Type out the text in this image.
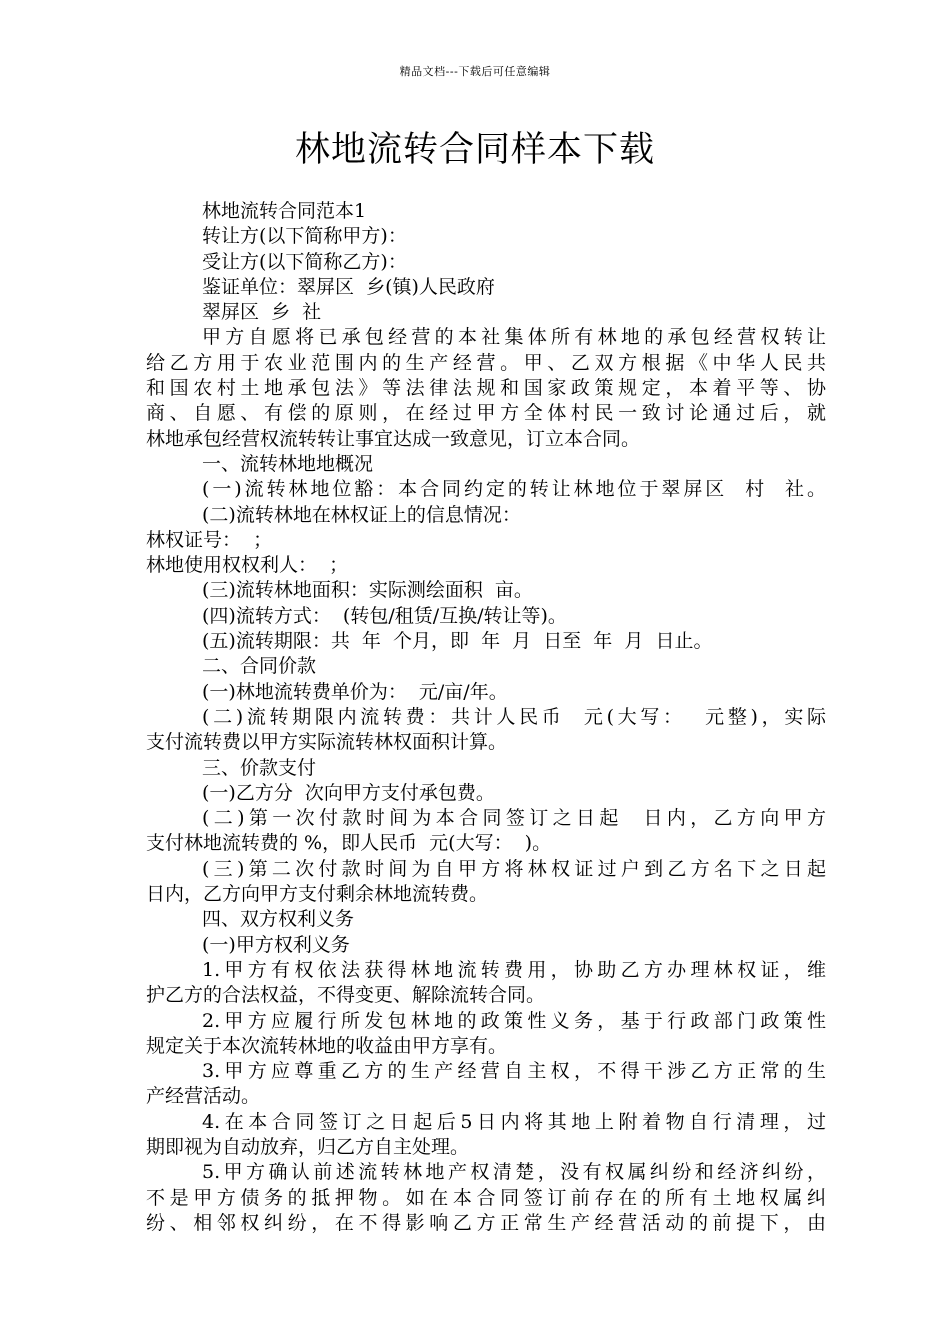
精品文档---下载后可任意编辑
林地流转合同样本下载
林地流转合同范本1
转让方(以下简称甲方)：
受让方(以下简称乙方)：
鉴证单位：翠屏区  乡(镇)人民政府
翠屏区  乡  社
甲方自愿将已承包经营的本社集体所有林地的承包经营权转让
给乙方用于农业范围内的生产经营。甲、乙双方根据《中华人民共
和国农村土地承包法》等法律法规和国家政策规定，本着平等、协
商、自愿、有偿的原则，在经过甲方全体村民一致讨论通过后，就
林地承包经营权流转转让事宜达成一致意见，订立本合同。
一、流转林地地概况
(一)流转林地位豁：本合同约定的转让林地位于翠屏区  村  社。
(二)流转林地在林权证上的信息情况：
林权证号：  ；
林地使用权权利人：  ；
(三)流转林地面积：实际测绘面积  亩。
(四)流转方式：  (转包/租赁/互换/转让等)。
(五)流转期限：共  年  个月，即  年  月  日至  年  月  日止。
二、合同价款
(一)林地流转费单价为：  元/亩/年。
(二)流转期限内流转费：共计人民币  元(大写：  元整)，实际
支付流转费以甲方实际流转林权面积计算。
三、价款支付
(一)乙方分  次向甲方支付承包费。
(二)第一次付款时间为本合同签订之日起  日内，乙方向甲方
支付林地流转费的 %，即人民币  元(大写：  )。
(三)第二次付款时间为自甲方将林权证过户到乙方名下之日起
日内，乙方向甲方支付剩余林地流转费。
四、双方权利义务
(一)甲方权利义务
1.甲方有权依法获得林地流转费用，协助乙方办理林权证，维
护乙方的合法权益，不得变更、解除流转合同。
2.甲方应履行所发包林地的政策性义务，基于行政部门政策性
规定关于本次流转林地的收益由甲方享有。
3.甲方应尊重乙方的生产经营自主权，不得干涉乙方正常的生
产经营活动。
4.在本合同签订之日起后5日内将其地上附着物自行清理，过
期即视为自动放弃，归乙方自主处理。
5.甲方确认前述流转林地产权清楚，没有权属纠纷和经济纠纷，
不是甲方债务的抵押物。如在本合同签订前存在的所有土地权属纠
纷、相邻权纠纷，在不得影响乙方正常生产经营活动的前提下，由
